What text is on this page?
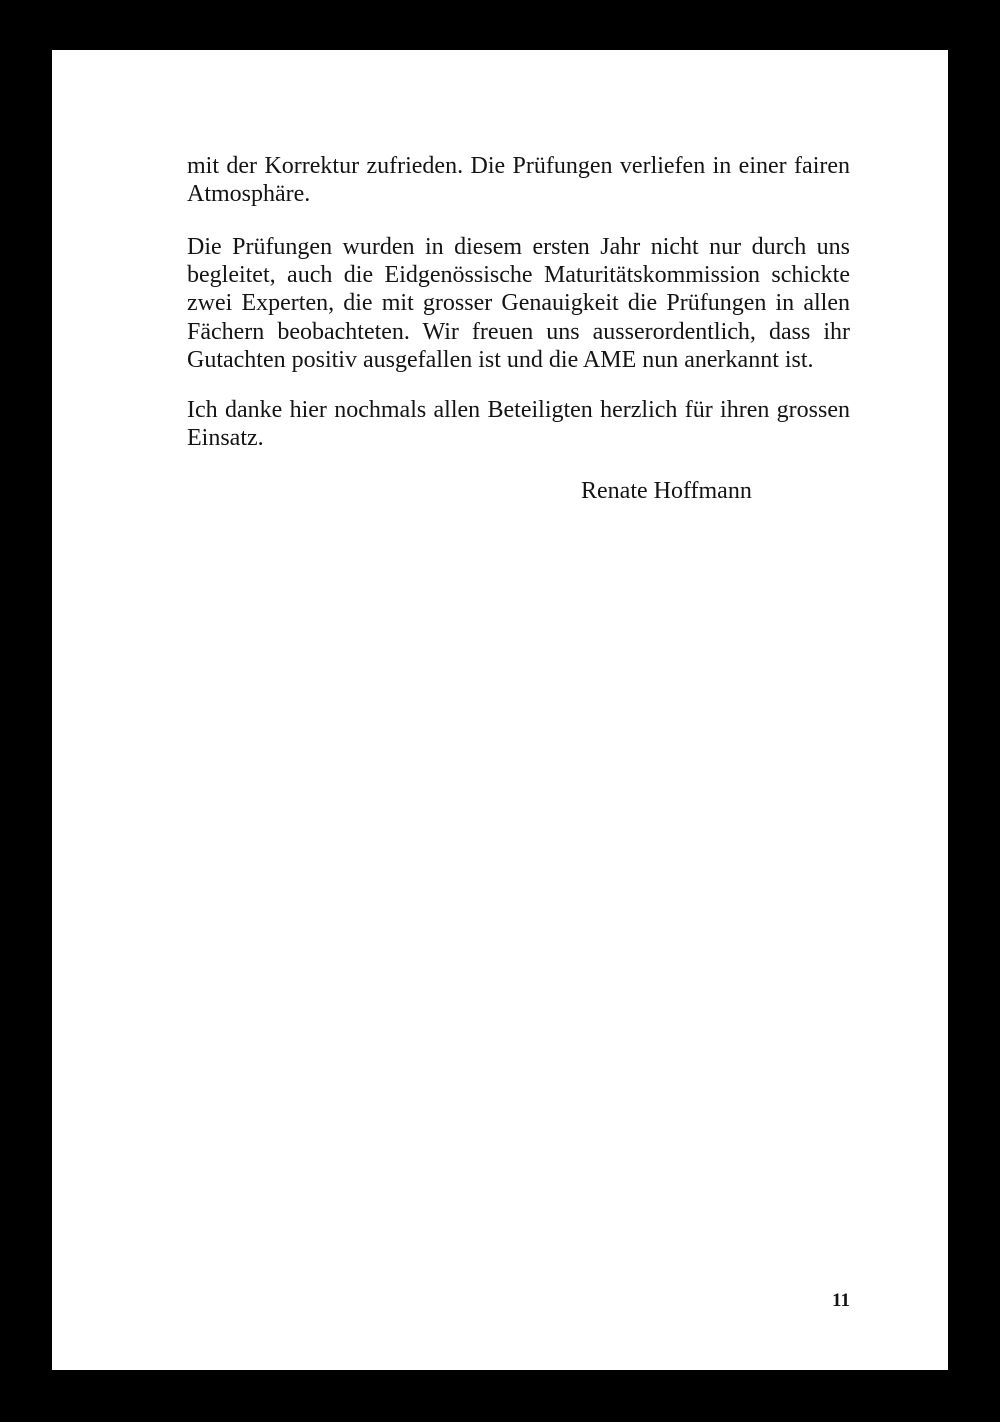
mit der Korrektur zufrieden. Die Prüfungen verliefen in einer fairen Atmosphäre.

Die Prüfungen wurden in diesem ersten Jahr nicht nur durch uns begleitet, auch die Eidgenössische Maturitätskommission schickte zwei Experten, die mit grosser Genauigkeit die Prüfungen in allen Fächern beobachteten. Wir freuen uns ausserordentlich, dass ihr Gutachten positiv ausgefallen ist und die AME nun anerkannt ist.

Ich danke hier nochmals allen Beteiligten herzlich für ihren grossen Einsatz.

Renate Hoffmann

11
